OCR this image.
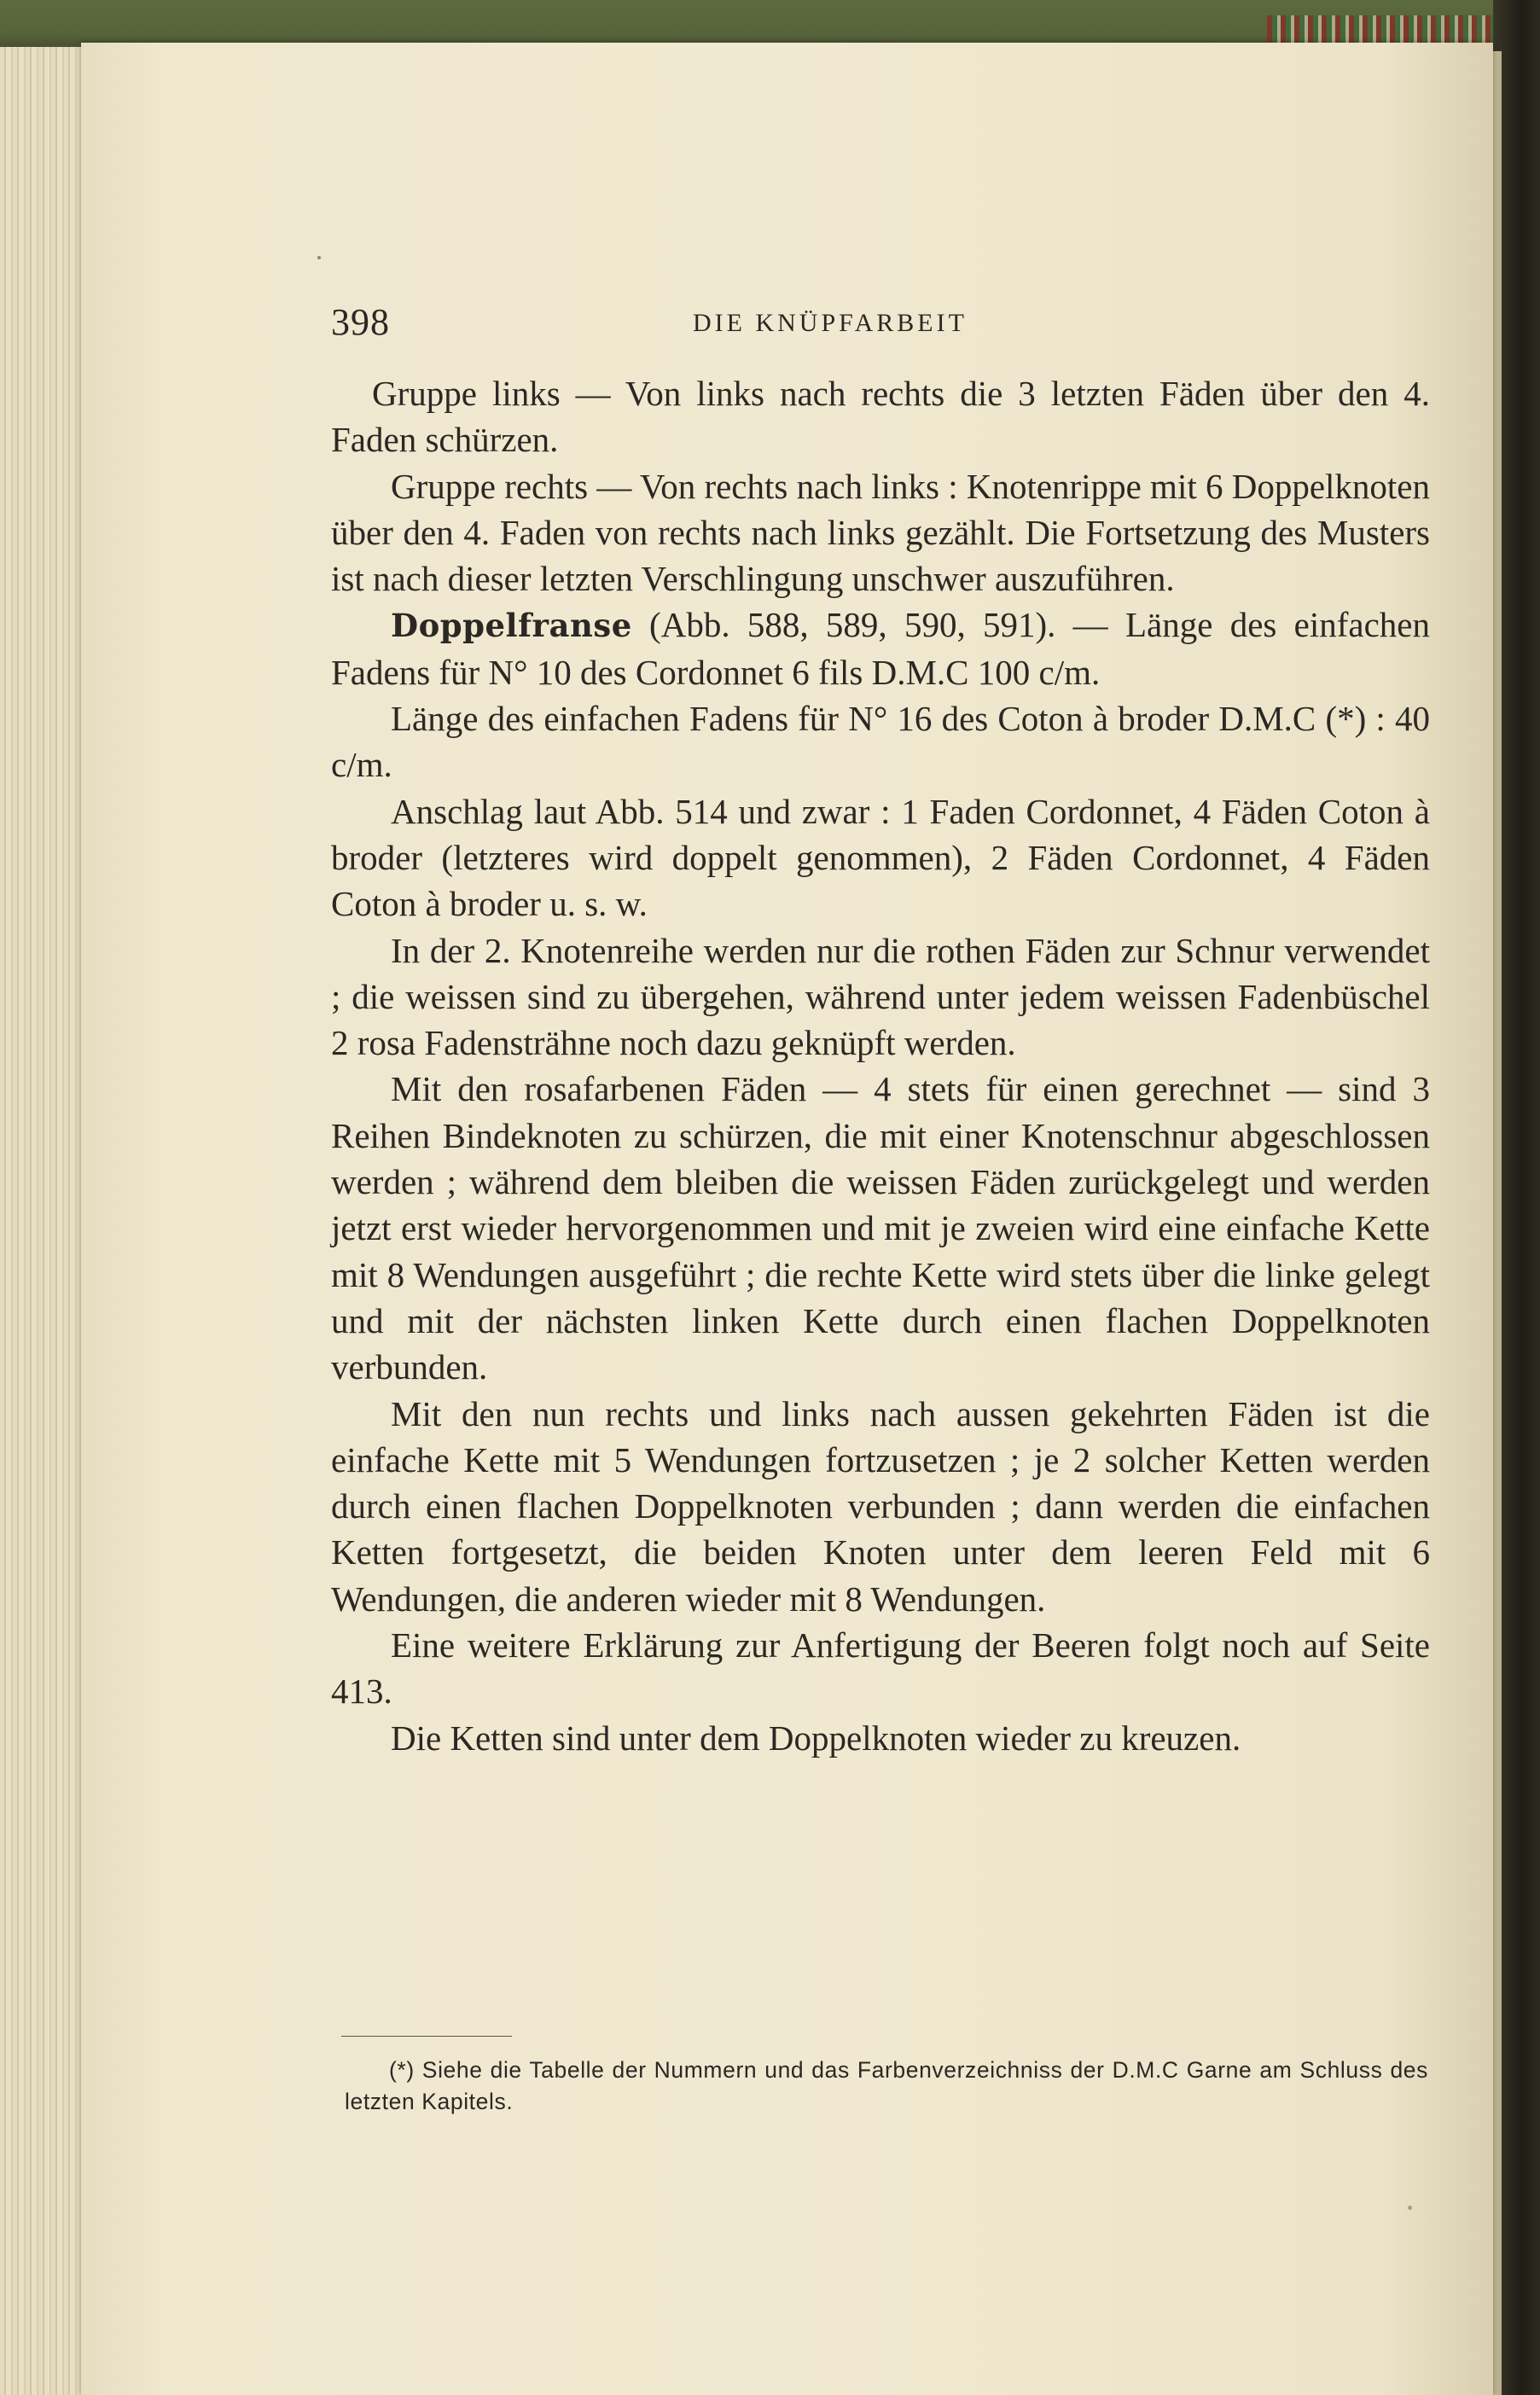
398	DIE KNÜPFARBEIT

Gruppe links — Von links nach rechts die 3 letzten Fäden über den 4. Faden schürzen.

Gruppe rechts — Von rechts nach links : Knotenrippe mit 6 Doppelknoten über den 4. Faden von rechts nach links gezählt. Die Fortsetzung des Musters ist nach dieser letzten Verschlingung unschwer auszuführen.

Doppelfranse (Abb. 588, 589, 590, 591). — Länge des einfachen Fadens für N° 10 des Cordonnet 6 fils D.M.C 100 c/m.

Länge des einfachen Fadens für N° 16 des Coton à broder D.M.C (*) : 40 c/m.

Anschlag laut Abb. 514 und zwar : 1 Faden Cordonnet, 4 Fäden Coton à broder (letzteres wird doppelt genommen), 2 Fäden Cordonnet, 4 Fäden Coton à broder u. s. w.

In der 2. Knotenreihe werden nur die rothen Fäden zur Schnur verwendet ; die weissen sind zu übergehen, während unter jedem weissen Fadenbüschel 2 rosa Fadensträhne noch dazu geknüpft werden.

Mit den rosafarbenen Fäden — 4 stets für einen gerechnet — sind 3 Reihen Bindeknoten zu schürzen, die mit einer Knotenschnur abgeschlossen werden ; während dem bleiben die weissen Fäden zurückgelegt und werden jetzt erst wieder hervorgenommen und mit je zweien wird eine einfache Kette mit 8 Wendungen ausgeführt ; die rechte Kette wird stets über die linke gelegt und mit der nächsten linken Kette durch einen flachen Doppelknoten verbunden.

Mit den nun rechts und links nach aussen gekehrten Fäden ist die einfache Kette mit 5 Wendungen fortzusetzen ; je 2 solcher Ketten werden durch einen flachen Doppelknoten verbunden ; dann werden die einfachen Ketten fortgesetzt, die beiden Knoten unter dem leeren Feld mit 6 Wendungen, die anderen wieder mit 8 Wendungen.

Eine weitere Erklärung zur Anfertigung der Beeren folgt noch auf Seite 413.

Die Ketten sind unter dem Doppelknoten wieder zu kreuzen.

(*) Siehe die Tabelle der Nummern und das Farbenverzeichniss der D.M.C Garne am Schluss des letzten Kapitels.
